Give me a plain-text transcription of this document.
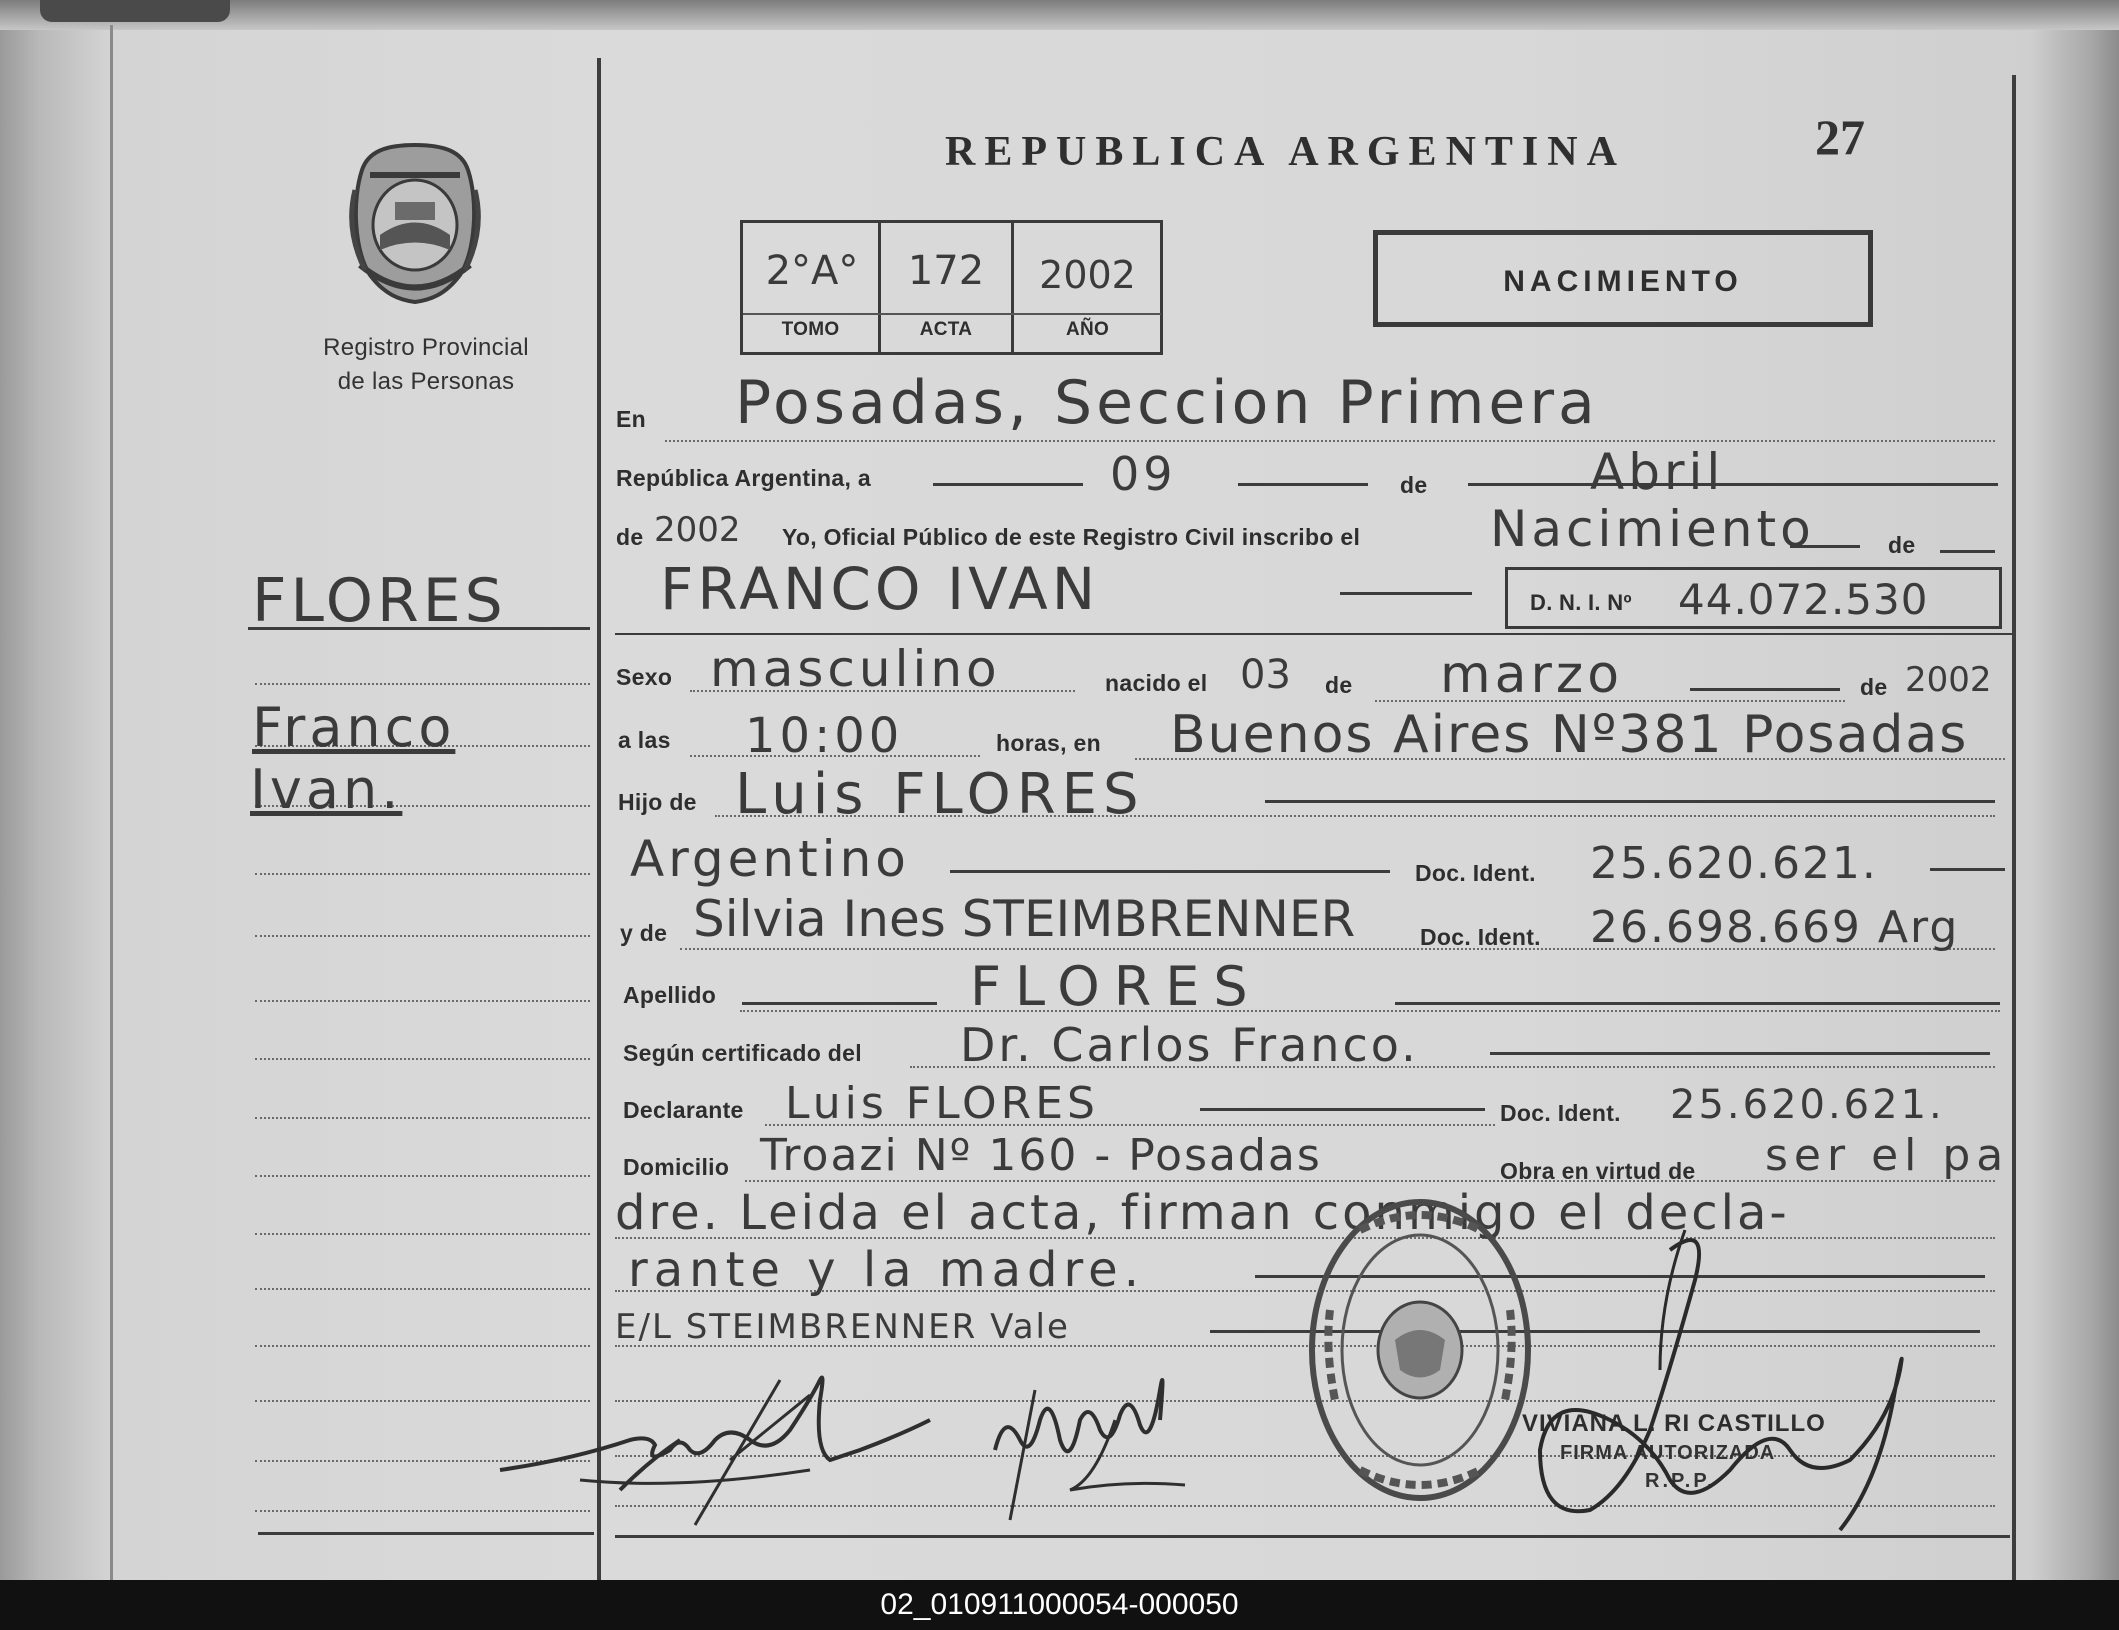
Registro Provincial
de las Personas
FLORES
Franco
Ivan.
REPUBLICA ARGENTINA	27
2°A°	172	2002
TOMO	ACTA	AÑO
NACIMIENTO
En Posadas, Seccion Primera
República Argentina, a	09	de	Abril
de 2002 Yo, Oficial Público de este Registro Civil inscribo el	Nacimiento	de
FRANCO IVAN	D. N. I. Nº 44.072.530
Sexo masculino	nacido el 03 de marzo	de 2002
a las 10:00	horas, en Buenos Aires Nº381 Posadas
Hijo de Luis FLORES
Argentino	Doc. Ident. 25.620.621.
y de Silvia Ines STEIMBRENNER	Doc. Ident. 26.698.669 Arg
Apellido	FLORES
Según certificado del Dr. Carlos Franco.
Declarante Luis FLORES	Doc. Ident. 25.620.621.
Domicilio Troazi Nº 160 - Posadas	Obra en virtud de ser el pa
dre. Leida el acta, firman conmigo el decla-
rante y la madre.
E/L STEIMBRENNER Vale
VIVIANA L. RI CASTILLO
FIRMA AUTORIZADA
R.P.P.
02_010911000054-000050
